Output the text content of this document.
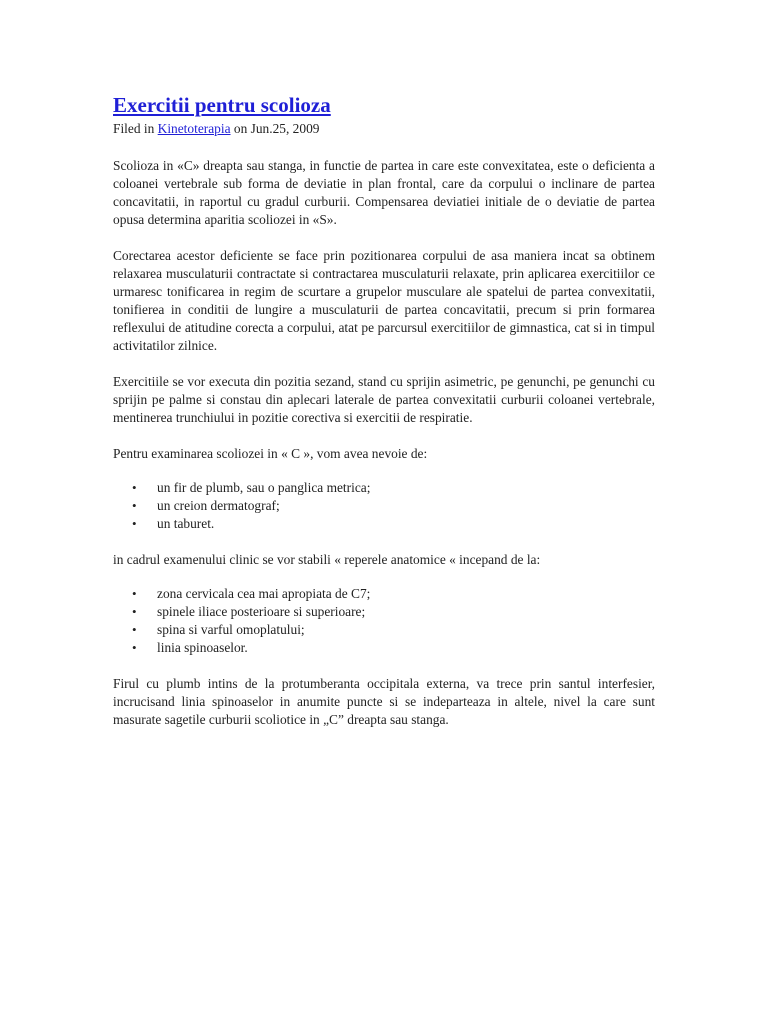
Exercitii pentru scolioza
Filed in Kinetoterapia on Jun.25, 2009

Scolioza in «C» dreapta sau stanga, in functie de partea in care este convexitatea, este o deficienta a coloanei vertebrale sub forma de deviatie in plan frontal, care da corpului o inclinare de partea concavitatii, in raportul cu gradul curburii. Compensarea deviatiei initiale de o deviatie de partea opusa determina aparitia scoliozei in «S».

Corectarea acestor deficiente se face prin pozitionarea corpului de asa maniera incat sa obtinem relaxarea musculaturii contractate si contractarea musculaturii relaxate, prin aplicarea exercitiilor ce urmaresc tonificarea in regim de scurtare a grupelor musculare ale spatelui de partea convexitatii, tonifierea in conditii de lungire a musculaturii de partea concavitatii, precum si prin formarea reflexului de atitudine corecta a corpului, atat pe parcursul exercitiilor de gimnastica, cat si in timpul activitatilor zilnice.

Exercitiile se vor executa din pozitia sezand, stand cu sprijin asimetric, pe genunchi, pe genunchi cu sprijin pe palme si constau din aplecari laterale de partea convexitatii curburii coloanei vertebrale, mentinerea trunchiului in pozitie corectiva si exercitii de respiratie.

Pentru examinarea scoliozei in « C », vom avea nevoie de:

• un fir de plumb, sau o panglica metrica;
• un creion dermatograf;
• un taburet.

in cadrul examenului clinic se vor stabili « reperele anatomice « incepand de la:

• zona cervicala cea mai apropiata de C7;
• spinele iliace posterioare si superioare;
• spina si varful omoplatului;
• linia spinoaselor.

Firul cu plumb intins de la protumberanta occipitala externa, va trece prin santul interfesier, incrucisand linia spinoaselor in anumite puncte si se indeparteaza in altele, nivel la care sunt masurate sagetile curburii scoliotice in „C” dreapta sau stanga.
